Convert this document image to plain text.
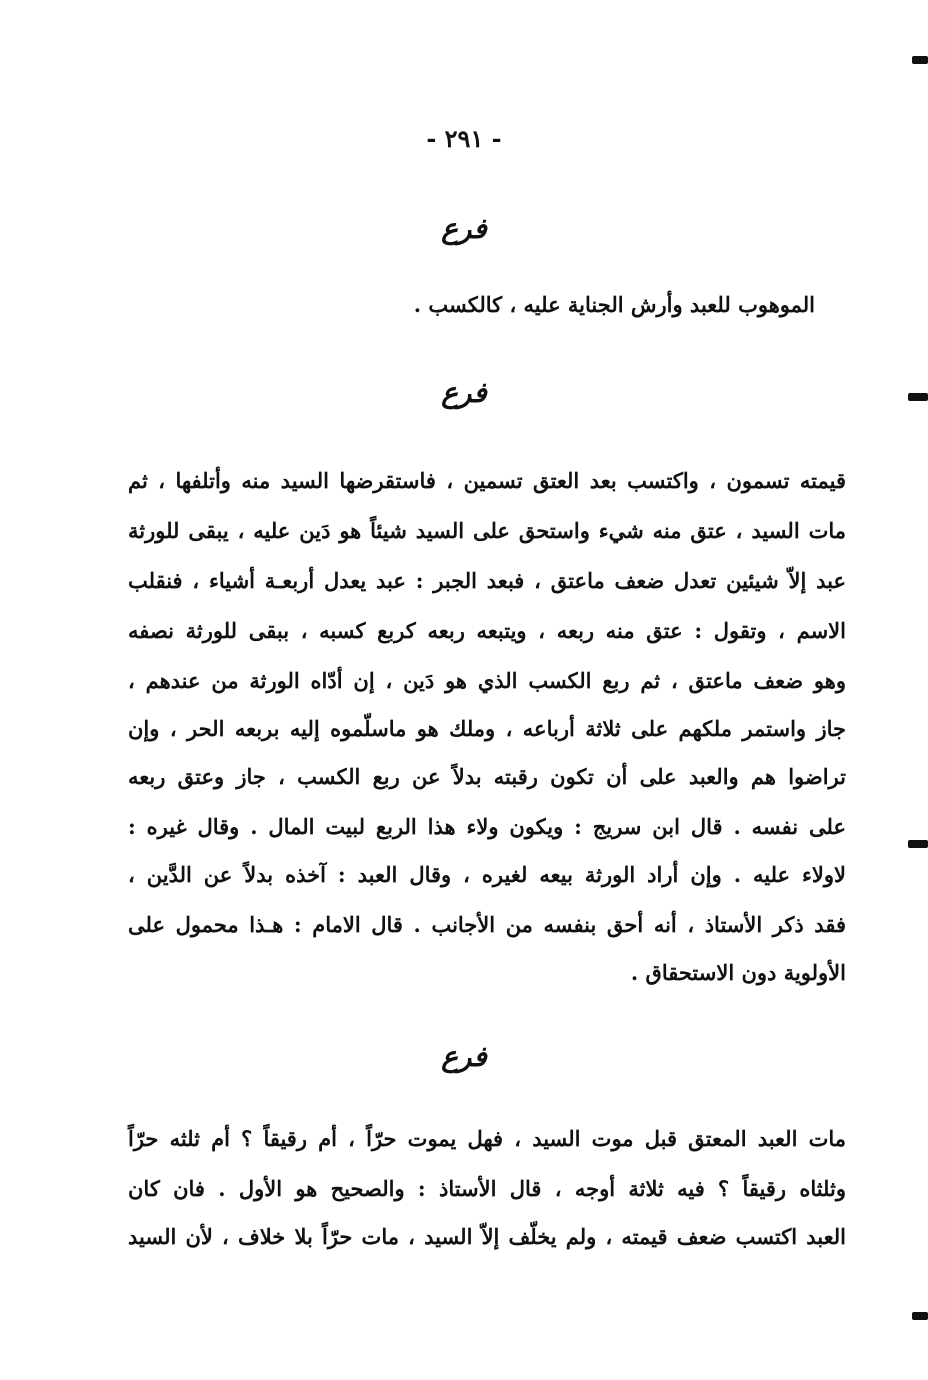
- ٢٩١ -
فرع
الموهوب للعبد وأرش الجناية عليه ، كالكسب .
فرع
قيمته تسمون ، واكتسب بعد العتق تسمين ، فاستقرضها السيد منه وأتلفها ، ثم
مات السيد ، عتق منه شيء واستحق على السيد شيئاً هو دَين عليه ، يبقى للورثة
عبد إلاّ شيئين تعدل ضعف ماعتق ، فبعد الجبر : عبد يعدل أربعـة أشياء ، فنقلب
الاسم ، وتقول : عتق منه ربعه ، ويتبعه ربعه كربع كسبه ، ببقى للورثة نصفه
وهو ضعف ماعتق ، ثم ربع الكسب الذي هو دَين ، إن أدّاه الورثة من عندهم ،
جاز واستمر ملكهم على ثلاثة أرباعه ، وملك هو ماسلّموه إليه بربعه الحر ، وإن
تراضوا هم والعبد على أن تكون رقبته بدلاً عن ربع الكسب ، جاز وعتق ربعه
على نفسه . قال ابن سريج : ويكون ولاء هذا الربع لبيت المال . وقال غيره :
لاولاء عليه . وإن أراد الورثة بيعه لغيره ، وقال العبد : آخذه بدلاً عن الدَّين ،
فقد ذكر الأستاذ ، أنه أحق بنفسه من الأجانب . قال الامام : هـذا محمول على
الأولوية دون الاستحقاق .
فرع
مات العبد المعتق قبل موت السيد ، فهل يموت حرّاً ، أم رقيقاً ؟ أم ثلثه حرّاً
وثلثاه رقيقاً ؟ فيه ثلاثة أوجه ، قال الأستاذ : والصحيح هو الأول . فان كان
العبد اكتسب ضعف قيمته ، ولم يخلّف إلاّ السيد ، مات حرّاً بلا خلاف ، لأن السيد
